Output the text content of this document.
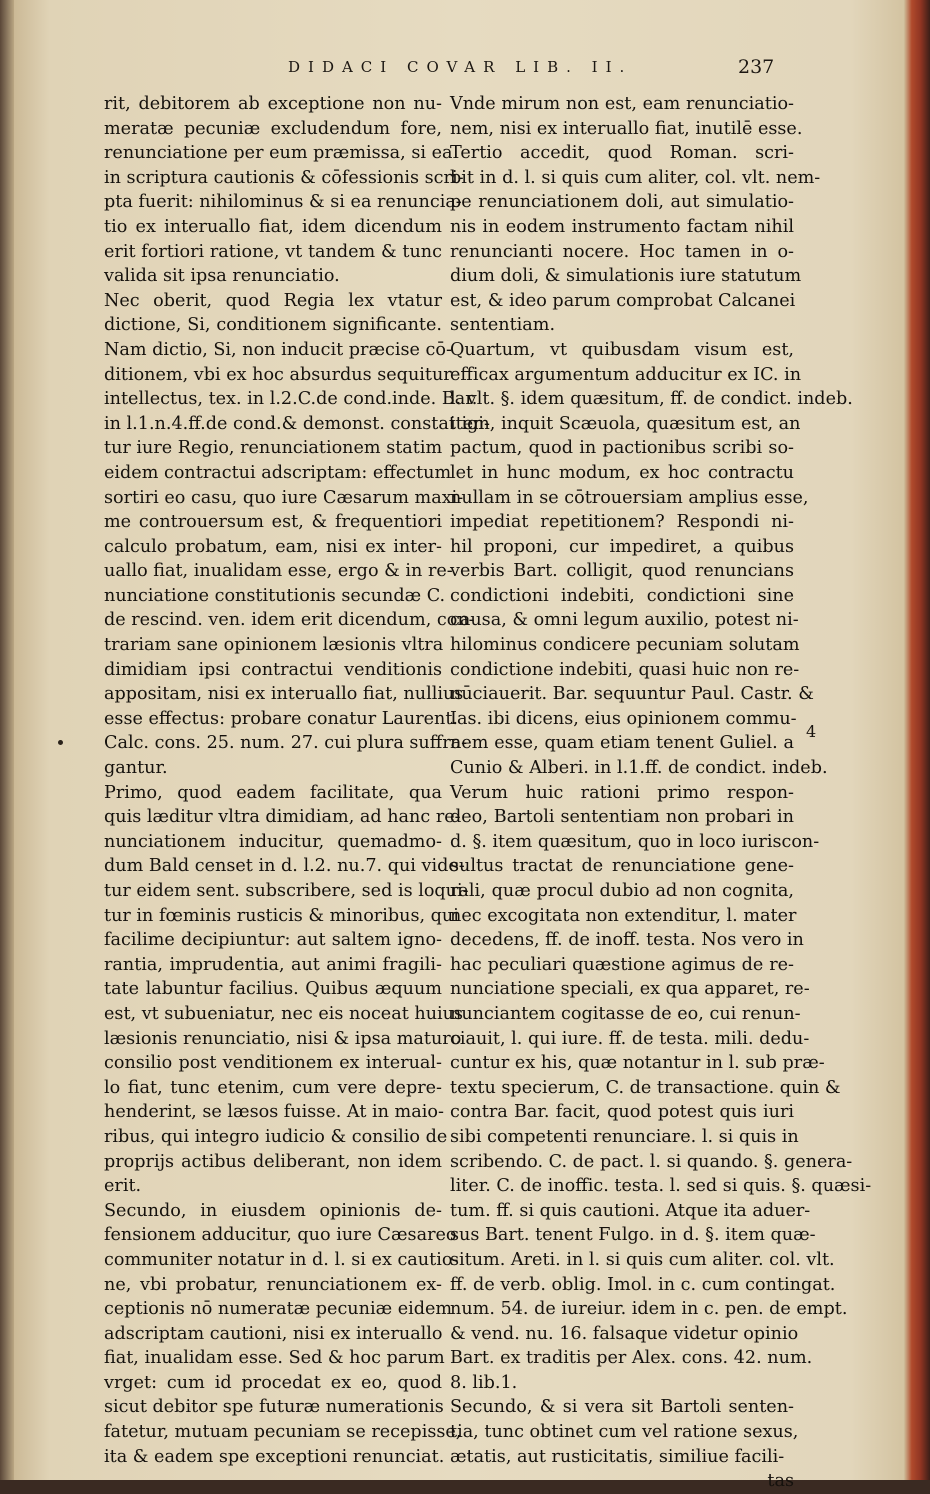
DIDACI COVAR LIB. II.	237
rit, debitorem ab exceptione non nu-
meratæ pecuniæ excludendum fore,
renunciatione per eum præmissa, si ea
in scriptura cautionis & cōfessionis scri-
pta fuerit: nihilominus & si ea renuncia-
tio ex interuallo fiat, idem dicendum
erit fortiori ratione, vt tandem & tunc
valida sit ipsa renunciatio.
Nec oberit, quod Regia lex vtatur
dictione, Si, conditionem significante.
Nam dictio, Si, non inducit præcise cō-
ditionem, vbi ex hoc absurdus sequitur
intellectus, tex. in l.2.C.de cond.inde. Bar.
in l.1.n.4.ff.de cond.& demonst. constat igi-
tur iure Regio, renunciationem statim
eidem contractui adscriptam: effectum
sortiri eo casu, quo iure Cæsarum maxi-
me controuersum est, & frequentiori
calculo probatum, eam, nisi ex inter-
uallo fiat, inualidam esse, ergo & in re-
nunciatione constitutionis secundæ C.
de rescind. ven. idem erit dicendum, con-
trariam sane opinionem læsionis vltra
dimidiam ipsi contractui venditionis
appositam, nisi ex interuallo fiat, nullius
esse effectus: probare conatur Laurent.
Calc. cons. 25. num. 27. cui plura suffra-
gantur.
Primo, quod eadem facilitate, qua
quis læditur vltra dimidiam, ad hanc re-
nunciationem inducitur, quemadmo-
dum Bald censet in d. l.2. nu.7. qui vide-
tur eidem sent. subscribere, sed is loqui-
tur in fœminis rusticis & minoribus, qui
facilime decipiuntur: aut saltem igno-
rantia, imprudentia, aut animi fragili-
tate labuntur facilius. Quibus æquum
est, vt subueniatur, nec eis noceat huius
læsionis renunciatio, nisi & ipsa maturo
consilio post venditionem ex interual-
lo fiat, tunc etenim, cum vere depre-
henderint, se læsos fuisse. At in maio-
ribus, qui integro iudicio & consilio de
proprijs actibus deliberant, non idem
erit.
Secundo, in eiusdem opinionis de-
fensionem adducitur, quo iure Cæsareo
communiter notatur in d. l. si ex cautio-
ne, vbi probatur, renunciationem ex-
ceptionis nō numeratæ pecuniæ eidem
adscriptam cautioni, nisi ex interuallo
fiat, inualidam esse. Sed & hoc parum
vrget: cum id procedat ex eo, quod
sicut debitor spe futuræ numerationis
fatetur, mutuam pecuniam se recepisse,
ita & eadem spe exceptioni renunciat.
Vnde mirum non est, eam renunciatio-
nem, nisi ex interuallo fiat, inutilē esse.
Tertio accedit, quod Roman. scri-
bit in d. l. si quis cum aliter, col. vlt. nem-
pe renunciationem doli, aut simulatio-
nis in eodem instrumento factam nihil
renuncianti nocere. Hoc tamen in o-
dium doli, & simulationis iure statutum
est, & ideo parum comprobat Calcanei
sententiam.
Quartum, vt quibusdam visum est,
efficax argumentum adducitur ex IC. in
l. vlt. §. idem quæsitum, ff. de condict. indeb.
item, inquit Scæuola, quæsitum est, an
pactum, quod in pactionibus scribi so-
let in hunc modum, ex hoc contractu
nullam in se cōtrouersiam amplius esse,
impediat repetitionem? Respondi ni-
hil proponi, cur impediret, a quibus
verbis Bart. colligit, quod renuncians
condictioni indebiti, condictioni sine
causa, & omni legum auxilio, potest ni-
hilominus condicere pecuniam solutam
condictione indebiti, quasi huic non re-
nūciauerit. Bar. sequuntur Paul. Castr. &
Ias. ibi dicens, eius opinionem commu-
nem esse, quam etiam tenent Guliel. a
Cunio & Alberi. in l.1.ff. de condict. indeb.
Verum huic rationi primo respon-
deo, Bartoli sententiam non probari in
d. §. item quæsitum, quo in loco iuriscon-
sultus tractat de renunciatione gene-
rali, quæ procul dubio ad non cognita,
nec excogitata non extenditur, l. mater
decedens, ff. de inoff. testa. Nos vero in
hac peculiari quæstione agimus de re-
nunciatione speciali, ex qua apparet, re-
nunciantem cogitasse de eo, cui renun-
ciauit, l. qui iure. ff. de testa. mili. dedu-
cuntur ex his, quæ notantur in l. sub præ-
textu specierum, C. de transactione. quin &
contra Bar. facit, quod potest quis iuri
sibi competenti renunciare. l. si quis in
scribendo. C. de pact. l. si quando. §. genera-
liter. C. de inoffic. testa. l. sed si quis. §. quæsi-
tum. ff. si quis cautioni. Atque ita aduer-
sus Bart. tenent Fulgo. in d. §. item quæ-
situm. Areti. in l. si quis cum aliter. col. vlt.
ff. de verb. oblig. Imol. in c. cum contingat.
num. 54. de iureiur. idem in c. pen. de empt.
& vend. nu. 16. falsaque videtur opinio
Bart. ex traditis per Alex. cons. 42. num.
8. lib.1.
Secundo, & si vera sit Bartoli senten-
tia, tunc obtinet cum vel ratione sexus,
ætatis, aut rusticitatis, similiue facili-
tas
4
